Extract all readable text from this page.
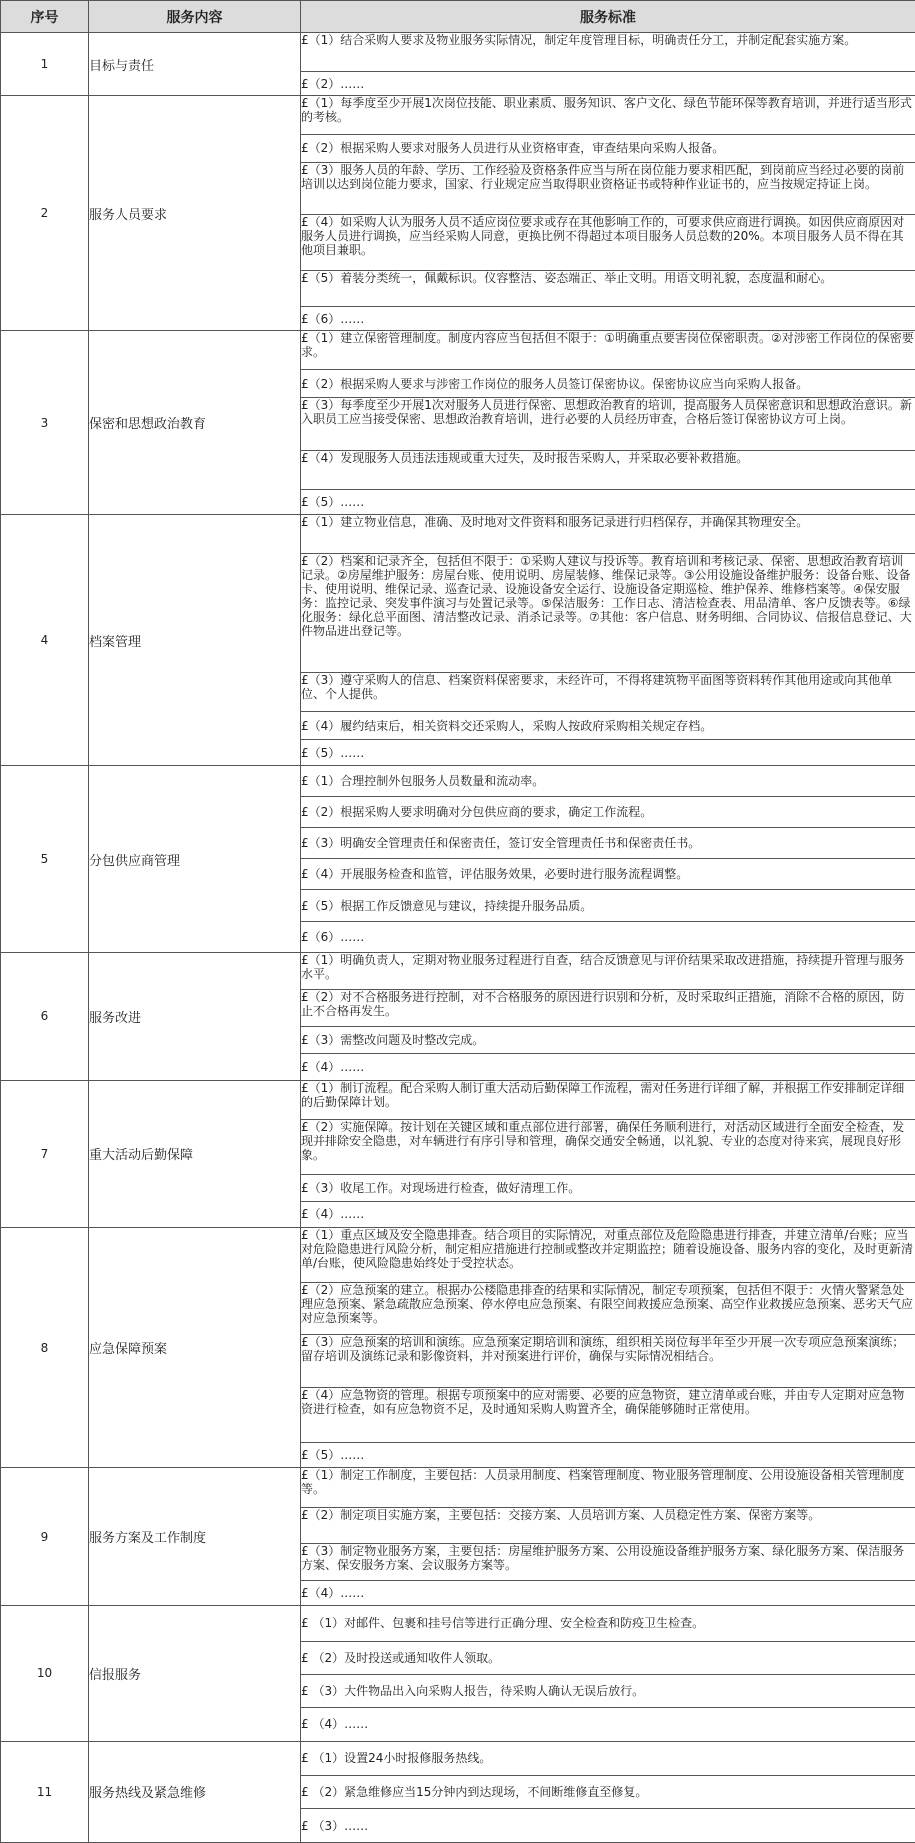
序号	服务内容	服务标准
1	目标与责任	£（1）结合采购人要求及物业服务实际情况，制定年度管理目标，明确责任分工，并制定配套实施方案。
		£（2）……
2	服务人员要求	£（1）每季度至少开展1次岗位技能、职业素质、服务知识、客户文化、绿色节能环保等教育培训，并进行适当形式的考核。
		£（2）根据采购人要求对服务人员进行从业资格审查，审查结果向采购人报备。
		£（3）服务人员的年龄、学历、工作经验及资格条件应当与所在岗位能力要求相匹配，到岗前应当经过必要的岗前培训以达到岗位能力要求，国家、行业规定应当取得职业资格证书或特种作业证书的，应当按规定持证上岗。
		£（4）如采购人认为服务人员不适应岗位要求或存在其他影响工作的，可要求供应商进行调换。如因供应商原因对服务人员进行调换，应当经采购人同意，更换比例不得超过本项目服务人员总数的20%。本项目服务人员不得在其他项目兼职。
		£（5）着装分类统一，佩戴标识。仪容整洁、姿态端正、举止文明。用语文明礼貌，态度温和耐心。
		£（6）……
3	保密和思想政治教育	£（1）建立保密管理制度。制度内容应当包括但不限于：①明确重点要害岗位保密职责。②对涉密工作岗位的保密要求。
		£（2）根据采购人要求与涉密工作岗位的服务人员签订保密协议。保密协议应当向采购人报备。
		£（3）每季度至少开展1次对服务人员进行保密、思想政治教育的培训，提高服务人员保密意识和思想政治意识。新入职员工应当接受保密、思想政治教育培训，进行必要的人员经历审查，合格后签订保密协议方可上岗。
		£（4）发现服务人员违法违规或重大过失，及时报告采购人，并采取必要补救措施。
		£（5）……
4	档案管理	£（1）建立物业信息，准确、及时地对文件资料和服务记录进行归档保存，并确保其物理安全。
		£（2）档案和记录齐全，包括但不限于：①采购人建议与投诉等。教育培训和考核记录、保密、思想政治教育培训记录。②房屋维护服务：房屋台账、使用说明、房屋装修、维保记录等。③公用设施设备维护服务：设备台账、设备卡、使用说明、维保记录、巡查记录、设施设备安全运行、设施设备定期巡检、维护保养、维修档案等。④保安服务：监控记录、突发事件演习与处置记录等。⑤保洁服务：工作日志、清洁检查表、用品清单、客户反馈表等。⑥绿化服务：绿化总平面图、清洁整改记录、消杀记录等。⑦其他：客户信息、财务明细、合同协议、信报信息登记、大件物品进出登记等。
		£（3）遵守采购人的信息、档案资料保密要求，未经许可，不得将建筑物平面图等资料转作其他用途或向其他单位、个人提供。
		£（4）履约结束后，相关资料交还采购人，采购人按政府采购相关规定存档。
		£（5）……
5	分包供应商管理	£（1）合理控制外包服务人员数量和流动率。
		£（2）根据采购人要求明确对分包供应商的要求，确定工作流程。
		£（3）明确安全管理责任和保密责任，签订安全管理责任书和保密责任书。
		£（4）开展服务检查和监管，评估服务效果，必要时进行服务流程调整。
		£（5）根据工作反馈意见与建议，持续提升服务品质。
		£（6）……
6	服务改进	£（1）明确负责人，定期对物业服务过程进行自查，结合反馈意见与评价结果采取改进措施，持续提升管理与服务水平。
		£（2）对不合格服务进行控制，对不合格服务的原因进行识别和分析，及时采取纠正措施，消除不合格的原因，防止不合格再发生。
		£（3）需整改问题及时整改完成。
		£（4）……
7	重大活动后勤保障	£（1）制订流程。配合采购人制订重大活动后勤保障工作流程，需对任务进行详细了解，并根据工作安排制定详细的后勤保障计划。
		£（2）实施保障。按计划在关键区域和重点部位进行部署，确保任务顺利进行，对活动区域进行全面安全检查，发现并排除安全隐患，对车辆进行有序引导和管理，确保交通安全畅通，以礼貌、专业的态度对待来宾，展现良好形象。
		£（3）收尾工作。对现场进行检查，做好清理工作。
		£（4）……
8	应急保障预案	£（1）重点区域及安全隐患排查。结合项目的实际情况，对重点部位及危险隐患进行排查，并建立清单/台账；应当对危险隐患进行风险分析，制定相应措施进行控制或整改并定期监控；随着设施设备、服务内容的变化，及时更新清单/台账，使风险隐患始终处于受控状态。
		£（2）应急预案的建立。根据办公楼隐患排查的结果和实际情况，制定专项预案，包括但不限于：火情火警紧急处理应急预案、紧急疏散应急预案、停水停电应急预案、有限空间救援应急预案、高空作业救援应急预案、恶劣天气应对应急预案等。
		£（3）应急预案的培训和演练。应急预案定期培训和演练，组织相关岗位每半年至少开展一次专项应急预案演练；留存培训及演练记录和影像资料，并对预案进行评价，确保与实际情况相结合。
		£（4）应急物资的管理。根据专项预案中的应对需要、必要的应急物资，建立清单或台账，并由专人定期对应急物资进行检查，如有应急物资不足，及时通知采购人购置齐全，确保能够随时正常使用。
		£（5）……
9	服务方案及工作制度	£（1）制定工作制度，主要包括：人员录用制度、档案管理制度、物业服务管理制度、公用设施设备相关管理制度等。
		£（2）制定项目实施方案，主要包括：交接方案、人员培训方案、人员稳定性方案、保密方案等。
		£（3）制定物业服务方案，主要包括：房屋维护服务方案、公用设施设备维护服务方案、绿化服务方案、保洁服务方案、保安服务方案、会议服务方案等。
		£（4）……
10	信报服务	£ （1）对邮件、包裹和挂号信等进行正确分理、安全检查和防疫卫生检查。
		£ （2）及时投送或通知收件人领取。
		£ （3）大件物品出入向采购人报告，待采购人确认无误后放行。
		£ （4）……
11	服务热线及紧急维修	£ （1）设置24小时报修服务热线。
		£ （2）紧急维修应当15分钟内到达现场，不间断维修直至修复。
		£ （3）……
